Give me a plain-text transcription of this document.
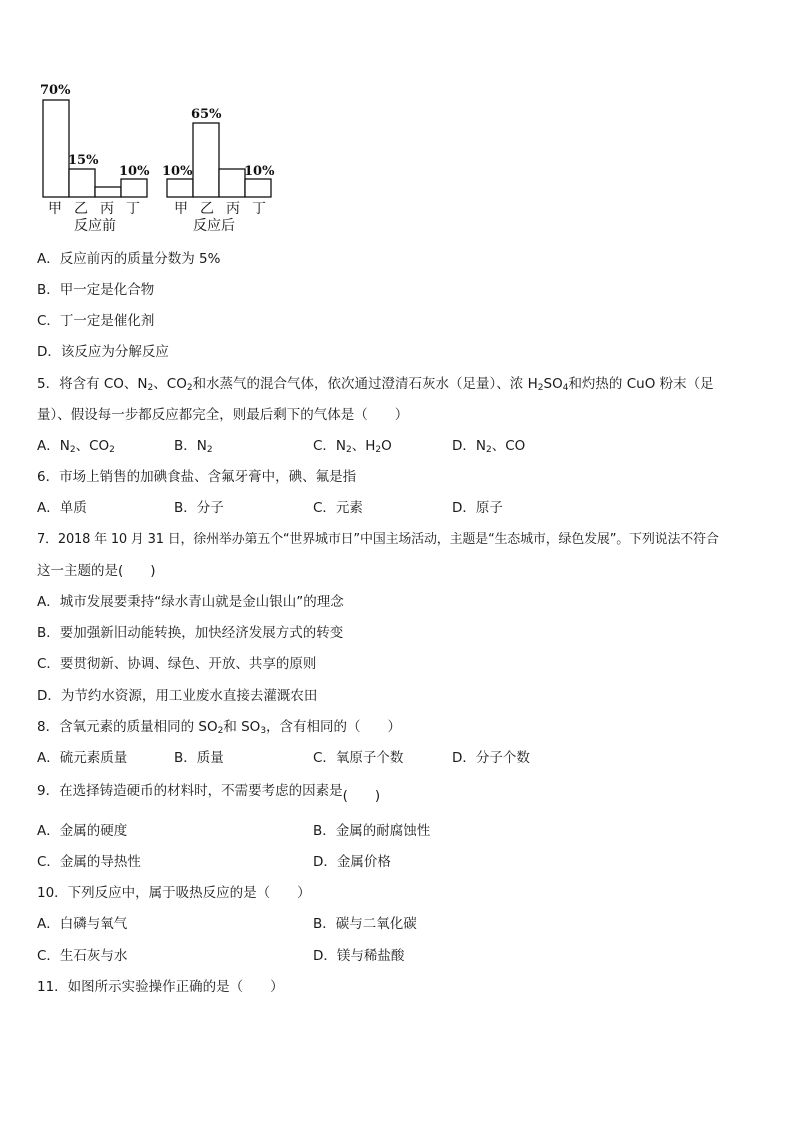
70%
15%
10%
甲 乙 丙 丁
反应前
10%
65%
10%
甲 乙 丙 丁
反应后
A．反应前丙的质量分数为 5%
B．甲一定是化合物
C．丁一定是催化剂
D．该反应为分解反应
5．将含有 CO、$N_2$、$CO_2$和水蒸气的混合气体，依次通过澄清石灰水（足量）、浓 $H_2SO_4$和灼热的 CuO 粉末（足
量）、假设每一步都反应都完全，则最后剩下的气体是（　　）
A．$N_2$、$CO_2$	B．$N_2$	C．$N_2$、$H_2O$	D．$N_2$、CO
6．市场上销售的加碘食盐、含氟牙膏中，碘、氟是指
A．单质	B．分子	C．元素	D．原子
7．2018 年 10 月 31 日，徐州举办第五个“世界城市日”中国主场活动，主题是“生态城市，绿色发展”。下列说法不符合
这一主题的是(　　)
A．城市发展要秉持“绿水青山就是金山银山”的理念
B．要加强新旧动能转换，加快经济发展方式的转变
C．要贯彻新、协调、绿色、开放、共享的原则
D．为节约水资源，用工业废水直接去灌溉农田
8．含氧元素的质量相同的 $SO_2$和 $SO_3$，含有相同的（　　）
A．硫元素质量	B．质量	C．氧原子个数	D．分子个数
9．在选择铸造硬币的材料时，不需要考虑的因素是(　　)
A．金属的硬度	B．金属的耐腐蚀性
C．金属的导热性	D．金属价格
10．下列反应中，属于吸热反应的是（　　）
A．白磷与氧气	B．碳与二氧化碳
C．生石灰与水	D．镁与稀盐酸
11．如图所示实验操作正确的是（　　）
